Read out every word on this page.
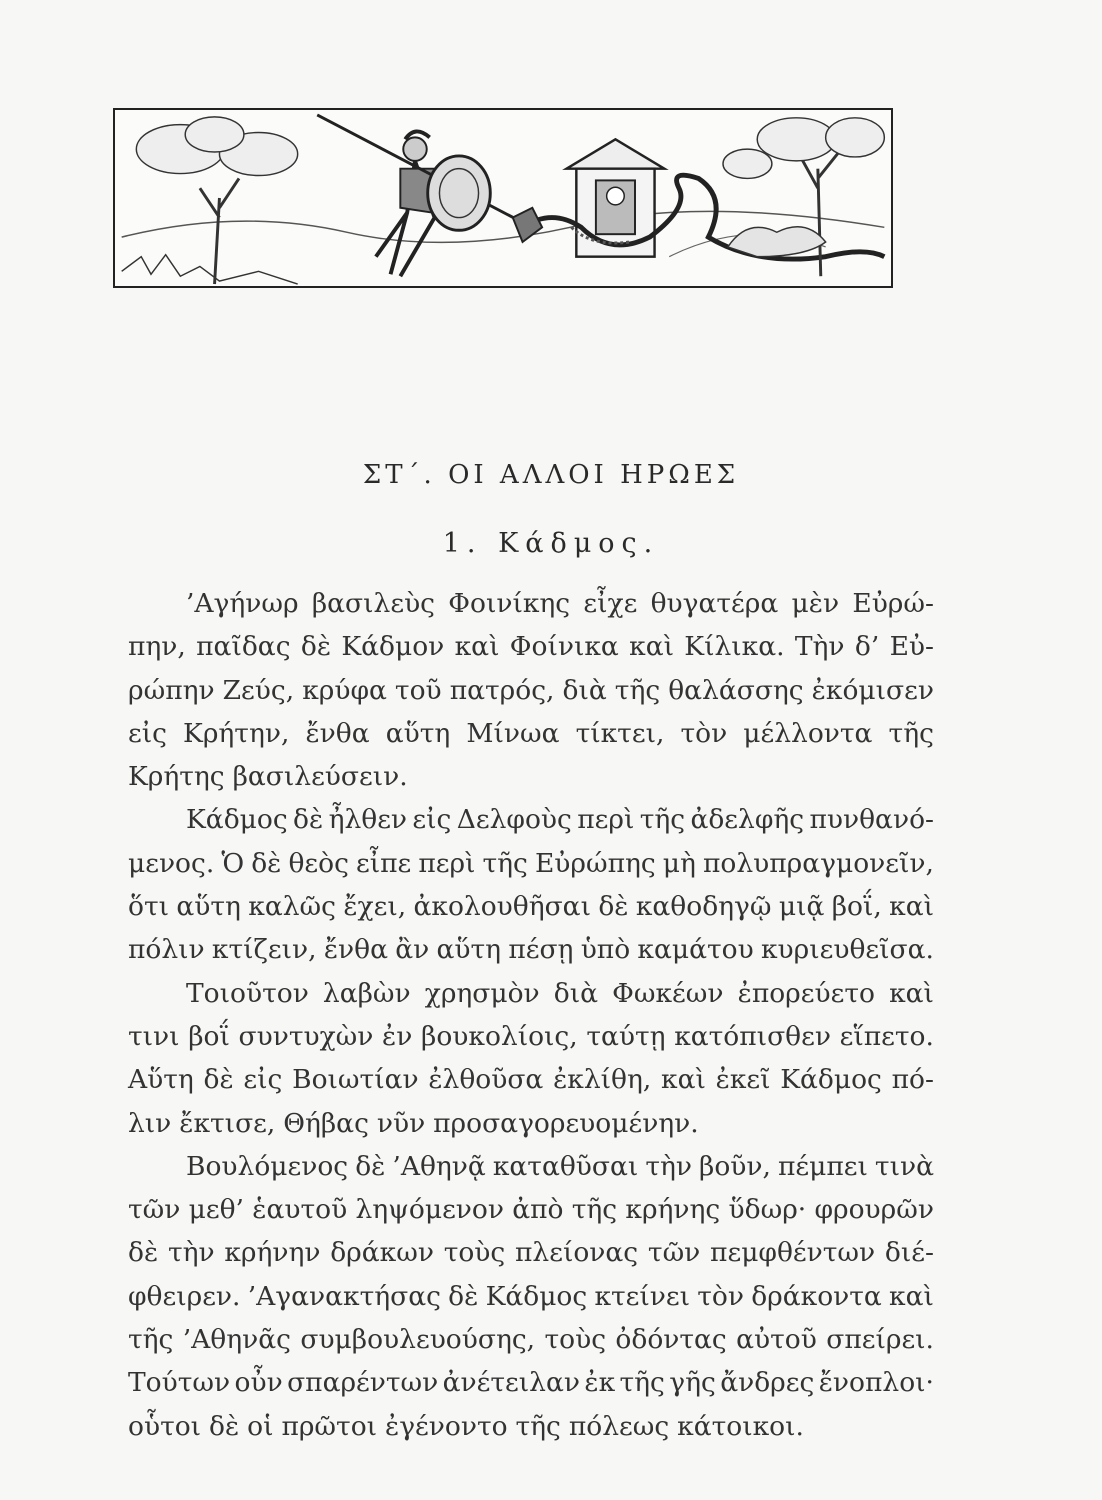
ΣΤ΄. ΟΙ ΑΛΛΟΙ ΗΡΩΕΣ
1. Κάδμος.
’Αγήνωρ βασιλεὺς Φοινίκης εἶχε θυγατέρα μὲν Εὐρώ-
πην, παῖδας δὲ Κάδμον καὶ Φοίνικα καὶ Κίλικα. Τὴν δ’ Εὐ-
ρώπην Ζεύς, κρύφα τοῦ πατρός, διὰ τῆς θαλάσσης ἐκόμισεν
εἰς Κρήτην, ἔνθα αὕτη Μίνωα τίκτει, τὸν μέλλοντα τῆς
Κρήτης βασιλεύσειν.
Κάδμος δὲ ἦλθεν εἰς Δελφοὺς περὶ τῆς ἀδελφῆς πυνθανό-
μενος. Ὁ δὲ θεὸς εἶπε περὶ τῆς Εὐρώπης μὴ πολυπραγμονεῖν,
ὅτι αὕτη καλῶς ἔχει, ἀκολουθῆσαι δὲ καθοδηγῷ μιᾷ βοΐ, καὶ
πόλιν κτίζειν, ἔνθα ἂν αὕτη πέσῃ ὑπὸ καμάτου κυριευθεῖσα.
Τοιοῦτον λαβὼν χρησμὸν διὰ Φωκέων ἐπορεύετο καὶ
τινι βοΐ συντυχὼν ἐν βουκολίοις, ταύτῃ κατόπισθεν εἵπετο.
Αὕτη δὲ εἰς Βοιωτίαν ἐλθοῦσα ἐκλίθη, καὶ ἐκεῖ Κάδμος πό-
λιν ἔκτισε, Θήβας νῦν προσαγορευομένην.
Βουλόμενος δὲ ’Αθηνᾷ καταθῦσαι τὴν βοῦν, πέμπει τινὰ
τῶν μεθ’ ἑαυτοῦ ληψόμενον ἀπὸ τῆς κρήνης ὕδωρ· φρουρῶν
δὲ τὴν κρήνην δράκων τοὺς πλείονας τῶν πεμφθέντων διέ-
φθειρεν. ’Αγανακτήσας δὲ Κάδμος κτείνει τὸν δράκοντα καὶ
τῆς ’Αθηνᾶς συμβουλευούσης, τοὺς ὀδόντας αὐτοῦ σπείρει.
Τούτων οὖν σπαρέντων ἀνέτειλαν ἐκ τῆς γῆς ἄνδρες ἔνοπλοι·
οὗτοι δὲ οἱ πρῶτοι ἐγένοντο τῆς πόλεως κάτοικοι.
